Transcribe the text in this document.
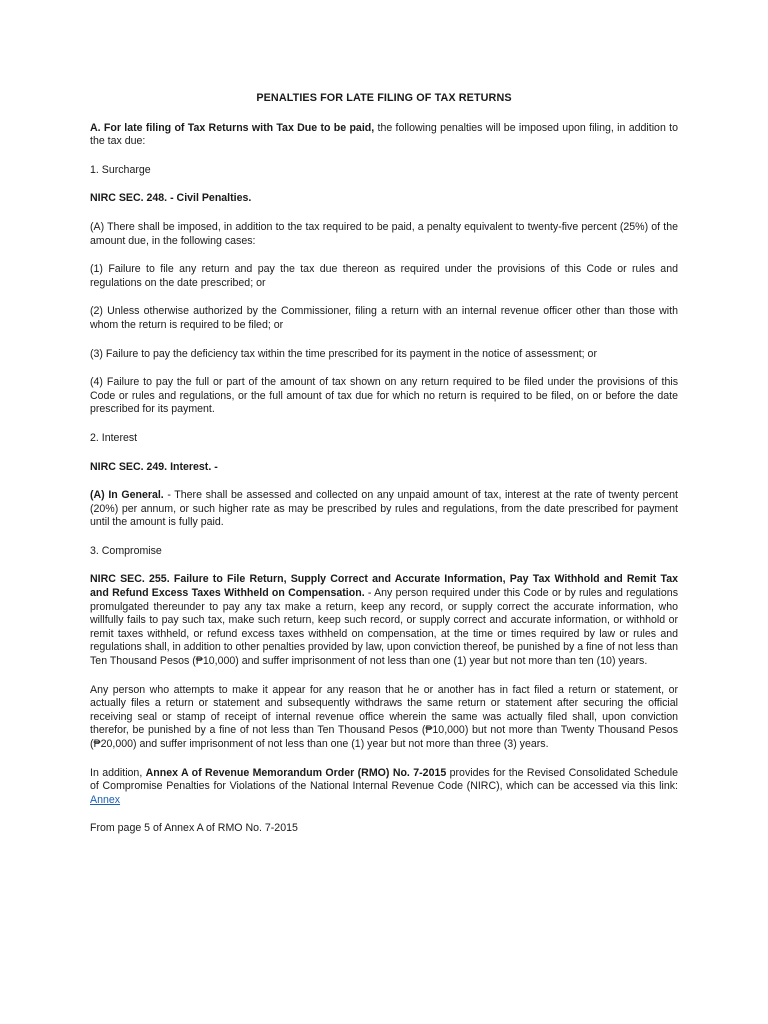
PENALTIES FOR LATE FILING OF TAX RETURNS

A. For late filing of Tax Returns with Tax Due to be paid, the following penalties will be imposed upon filing, in addition to the tax due:

1. Surcharge

NIRC SEC. 248. - Civil Penalties.

(A) There shall be imposed, in addition to the tax required to be paid, a penalty equivalent to twenty-five percent (25%) of the amount due, in the following cases:

(1) Failure to file any return and pay the tax due thereon as required under the provisions of this Code or rules and regulations on the date prescribed; or

(2) Unless otherwise authorized by the Commissioner, filing a return with an internal revenue officer other than those with whom the return is required to be filed; or

(3) Failure to pay the deficiency tax within the time prescribed for its payment in the notice of assessment; or

(4) Failure to pay the full or part of the amount of tax shown on any return required to be filed under the provisions of this Code or rules and regulations, or the full amount of tax due for which no return is required to be filed, on or before the date prescribed for its payment.

2. Interest

NIRC SEC. 249. Interest. -

(A) In General. - There shall be assessed and collected on any unpaid amount of tax, interest at the rate of twenty percent (20%) per annum, or such higher rate as may be prescribed by rules and regulations, from the date prescribed for payment until the amount is fully paid.

3. Compromise

NIRC SEC. 255. Failure to File Return, Supply Correct and Accurate Information, Pay Tax Withhold and Remit Tax and Refund Excess Taxes Withheld on Compensation. - Any person required under this Code or by rules and regulations promulgated thereunder to pay any tax make a return, keep any record, or supply correct the accurate information, who willfully fails to pay such tax, make such return, keep such record, or supply correct and accurate information, or withhold or remit taxes withheld, or refund excess taxes withheld on compensation, at the time or times required by law or rules and regulations shall, in addition to other penalties provided by law, upon conviction thereof, be punished by a fine of not less than Ten Thousand Pesos (₱10,000) and suffer imprisonment of not less than one (1) year but not more than ten (10) years.

Any person who attempts to make it appear for any reason that he or another has in fact filed a return or statement, or actually files a return or statement and subsequently withdraws the same return or statement after securing the official receiving seal or stamp of receipt of internal revenue office wherein the same was actually filed shall, upon conviction therefor, be punished by a fine of not less than Ten Thousand Pesos (₱10,000) but not more than Twenty Thousand Pesos (₱20,000) and suffer imprisonment of not less than one (1) year but not more than three (3) years.

In addition, Annex A of Revenue Memorandum Order (RMO) No. 7-2015 provides for the Revised Consolidated Schedule of Compromise Penalties for Violations of the National Internal Revenue Code (NIRC), which can be accessed via this link: Annex

From page 5 of Annex A of RMO No. 7-2015
